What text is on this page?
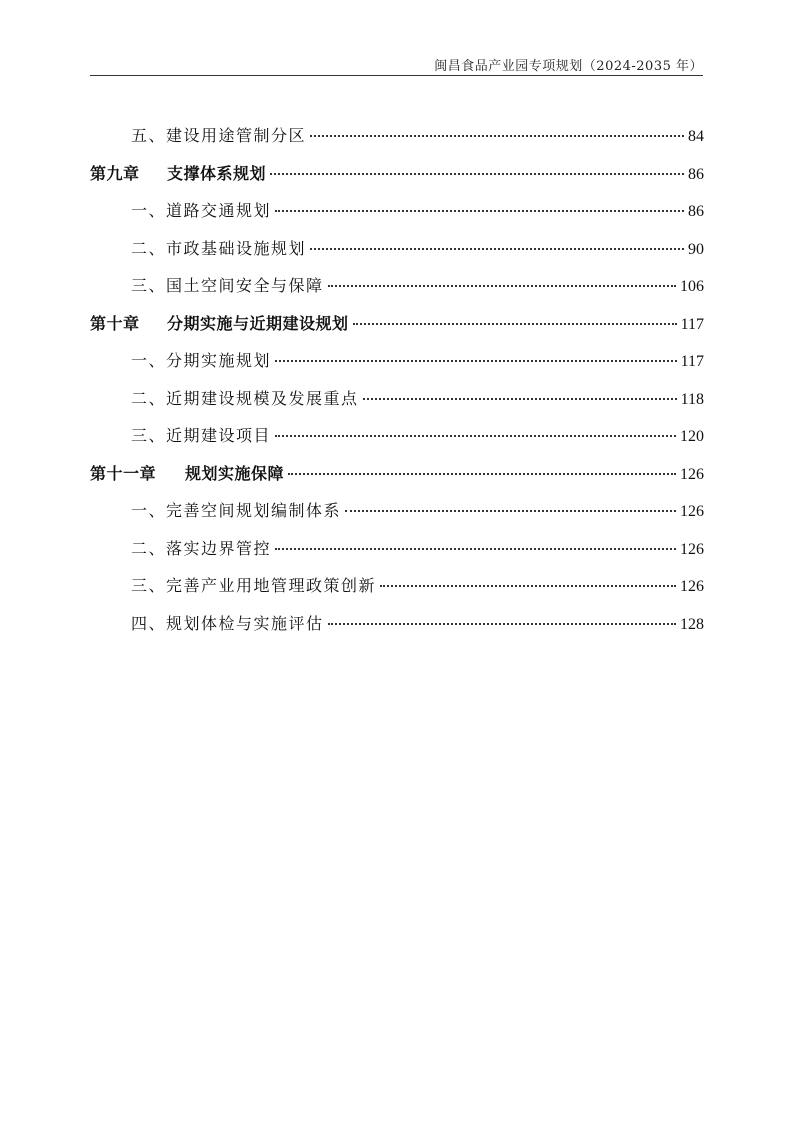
闽昌食品产业园专项规划（2024-2035 年）
五、建设用途管制分区	84
第九章 支撑体系规划	86
一、道路交通规划	86
二、市政基础设施规划	90
三、国土空间安全与保障	106
第十章 分期实施与近期建设规划	117
一、分期实施规划	117
二、近期建设规模及发展重点	118
三、近期建设项目	120
第十一章 规划实施保障	126
一、完善空间规划编制体系	126
二、落实边界管控	126
三、完善产业用地管理政策创新	126
四、规划体检与实施评估	128
